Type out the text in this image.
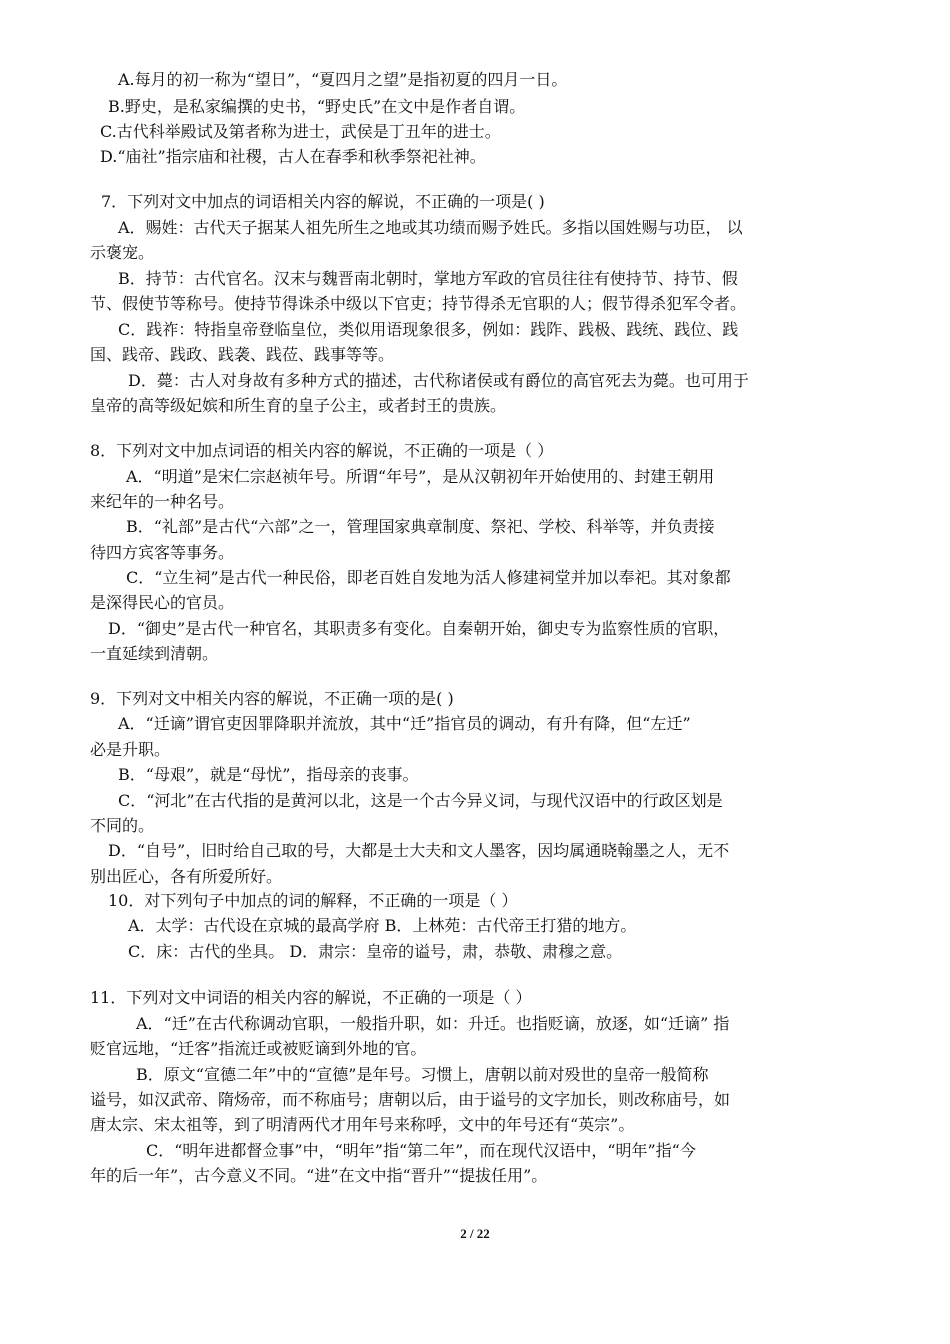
A.每月的初一称为“望日”，“夏四月之望”是指初夏的四月一日。
B.野史，是私家编撰的史书，“野史氏”在文中是作者自谓。
C.古代科举殿试及第者称为进士，武侯是丁丑年的进士。
D.“庙社”指宗庙和社稷，古人在春季和秋季祭祀社神。
7．下列对文中加点的词语相关内容的解说，不正确的一项是( )
A．赐姓：古代天子据某人祖先所生之地或其功绩而赐予姓氏。多指以国姓赐与功臣， 以
示褒宠。
B．持节：古代官名。汉末与魏晋南北朝时，掌地方军政的官员往往有使持节、持节、假
节、假使节等称号。使持节得诛杀中级以下官吏；持节得杀无官职的人；假节得杀犯军令者。
C．践祚：特指皇帝登临皇位，类似用语现象很多，例如：践阼、践极、践统、践位、践
国、践帝、践政、践袭、践莅、践事等等。
D．薨：古人对身故有多种方式的描述，古代称诸侯或有爵位的高官死去为薨。也可用于
皇帝的高等级妃嫔和所生育的皇子公主，或者封王的贵族。
8．下列对文中加点词语的相关内容的解说，不正确的一项是（ ）
A．“明道”是宋仁宗赵祯年号。所谓“年号”，是从汉朝初年开始使用的、封建王朝用
来纪年的一种名号。
B．“礼部”是古代“六部”之一，管理国家典章制度、祭祀、学校、科举等，并负责接
待四方宾客等事务。
C．“立生祠”是古代一种民俗，即老百姓自发地为活人修建祠堂并加以奉祀。其对象都
是深得民心的官员。
D．“御史”是古代一种官名，其职责多有变化。自秦朝开始，御史专为监察性质的官职，
一直延续到清朝。
9．下列对文中相关内容的解说，不正确一项的是( )
A．“迁谪”谓官吏因罪降职并流放，其中“迁”指官员的调动，有升有降，但“左迁”
必是升职。
B．“母艰”，就是“母忧”，指母亲的丧事。
C．“河北”在古代指的是黄河以北，这是一个古今异义词，与现代汉语中的行政区划是
不同的。
D．“自号”，旧时给自己取的号，大都是士大夫和文人墨客，因均属通晓翰墨之人，无不
别出匠心，各有所爱所好。
10．对下列句子中加点的词的解释，不正确的一项是（ ）
A．太学：古代设在京城的最高学府 B．上林苑：古代帝王打猎的地方。
C．床：古代的坐具。 D．肃宗：皇帝的谥号，肃，恭敬、肃穆之意。
11．下列对文中词语的相关内容的解说，不正确的一项是（ ）
A．“迁”在古代称调动官职，一般指升职，如：升迁。也指贬谪，放逐，如“迁谪” 指
贬官远地，“迁客”指流迁或被贬谪到外地的官。
B．原文“宣德二年”中的“宣德”是年号。习惯上，唐朝以前对殁世的皇帝一般简称
谥号，如汉武帝、隋炀帝，而不称庙号；唐朝以后，由于谥号的文字加长，则改称庙号，如
唐太宗、宋太祖等，到了明清两代才用年号来称呼，文中的年号还有“英宗”。
C．“明年进都督佥事”中，“明年”指“第二年”，而在现代汉语中，“明年”指“今
年的后一年”，古今意义不同。“进”在文中指“晋升”“提拔任用”。
2 / 22
